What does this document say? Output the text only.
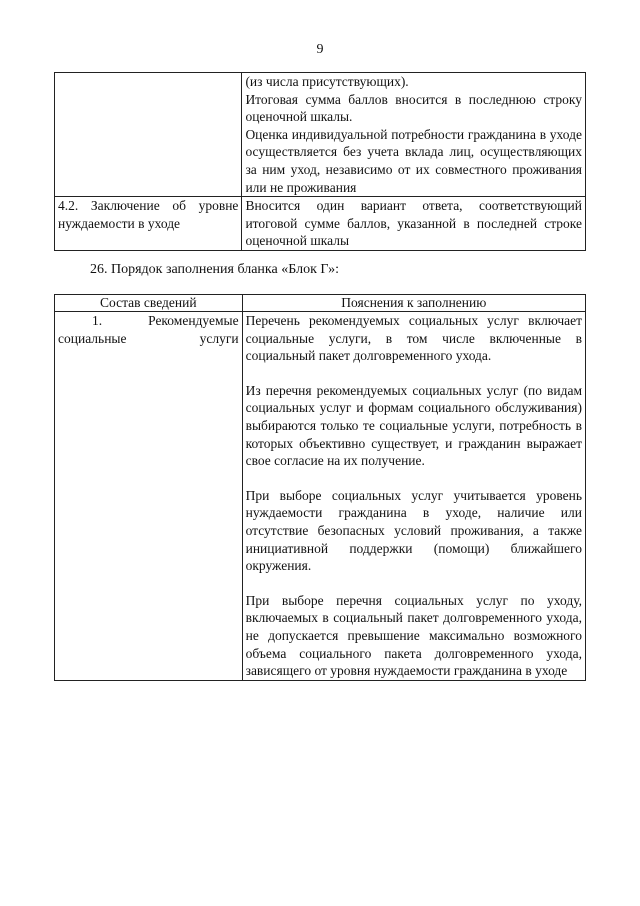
9

	(из числа присутствующих).

Итоговая сумма баллов вносится в последнюю строку оценочной шкалы.

Оценка индивидуальной потребности гражданина в уходе осуществляется без учета вклада лиц, осуществляющих за ним уход, независимо от их совместного проживания или не проживания

4.2. Заключение об уровне нуждаемости в уходе	Вносится один вариант ответа, соответствующий итоговой сумме баллов, указанной в последней строке оценочной шкалы
26. Порядок заполнения бланка «Блок Г»:
Состав сведений	Пояснения к заполнению

1. Рекомендуемые социальные услуги	Перечень рекомендуемых социальных услуг включает социальные услуги, в том числе включенные в социальный пакет долговременного ухода.

Из перечня рекомендуемых социальных услуг (по видам социальных услуг и формам социального обслуживания) выбираются только те социальные услуги, потребность в которых объективно существует, и гражданин выражает свое согласие на их получение.

При выборе социальных услуг учитывается уровень нуждаемости гражданина в уходе, наличие или отсутствие безопасных условий проживания, а также инициативной поддержки (помощи) ближайшего окружения.

При выборе перечня социальных услуг по уходу, включаемых в социальный пакет долговременного ухода, не допускается превышение максимально возможного объема социального пакета долговременного ухода, зависящего от уровня нуждаемости гражданина в уходе
